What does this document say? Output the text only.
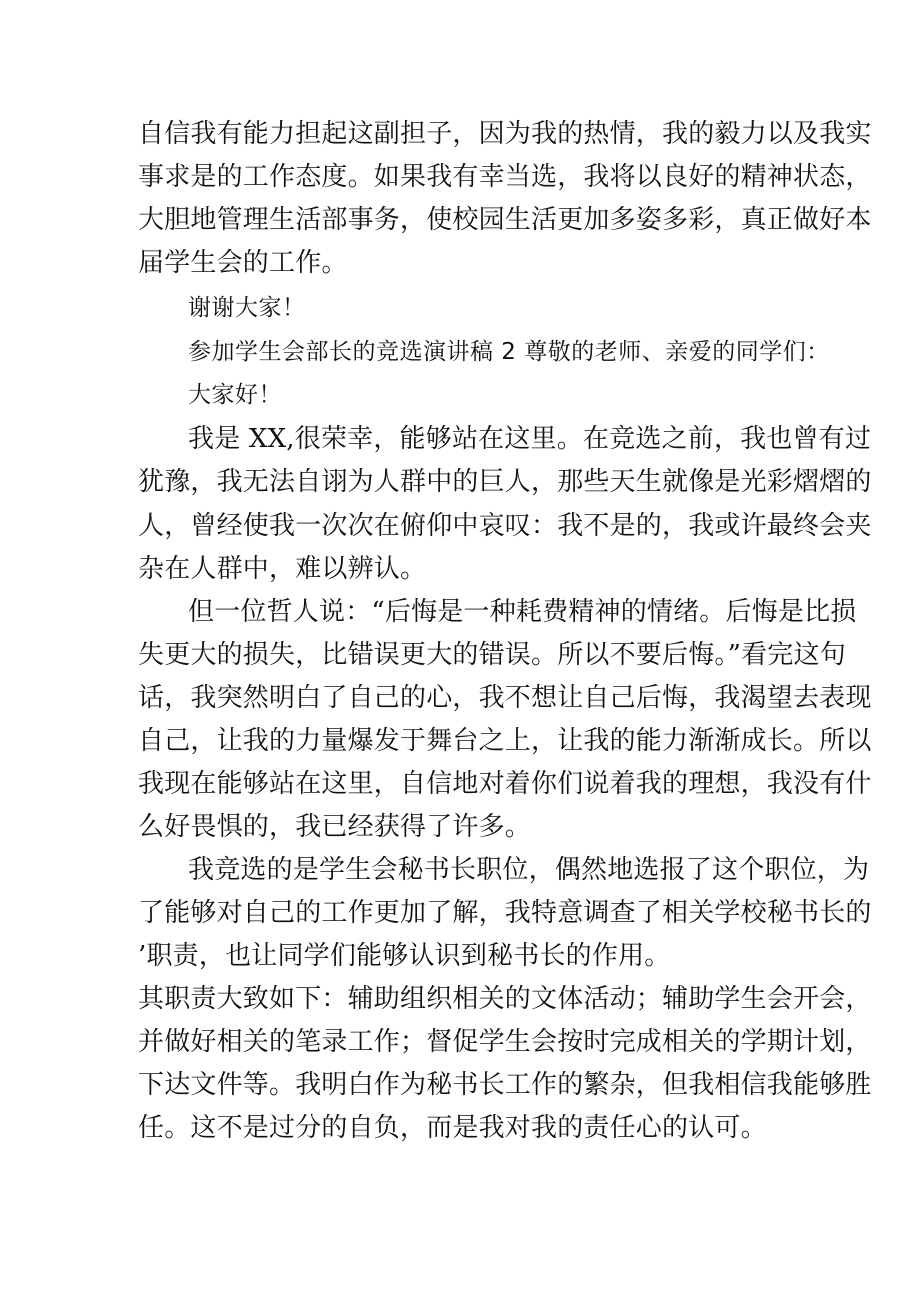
自信我有能力担起这副担子，因为我的热情，我的毅力以及我实
事求是的工作态度。如果我有幸当选，我将以良好的精神状态，
大胆地管理生活部事务，使校园生活更加多姿多彩，真正做好本
届学生会的工作。
谢谢大家！
参加学生会部长的竞选演讲稿 2 尊敬的老师、亲爱的同学们：
大家好！
我是 XX,很荣幸，能够站在这里。在竞选之前，我也曾有过
犹豫，我无法自诩为人群中的巨人，那些天生就像是光彩熠熠的
人，曾经使我一次次在俯仰中哀叹：我不是的，我或许最终会夹
杂在人群中，难以辨认。
但一位哲人说：“后悔是一种耗费精神的情绪。后悔是比损
失更大的损失，比错误更大的错误。所以不要后悔。”看完这句
话，我突然明白了自己的心，我不想让自己后悔，我渴望去表现
自己，让我的力量爆发于舞台之上，让我的能力渐渐成长。所以
我现在能够站在这里，自信地对着你们说着我的理想，我没有什
么好畏惧的，我已经获得了许多。
我竞选的是学生会秘书长职位，偶然地选报了这个职位，为
了能够对自己的工作更加了解，我特意调查了相关学校秘书长的
’职责，也让同学们能够认识到秘书长的作用。
其职责大致如下：辅助组织相关的文体活动；辅助学生会开会，
并做好相关的笔录工作；督促学生会按时完成相关的学期计划，
下达文件等。我明白作为秘书长工作的繁杂，但我相信我能够胜
任。这不是过分的自负，而是我对我的责任心的认可。
